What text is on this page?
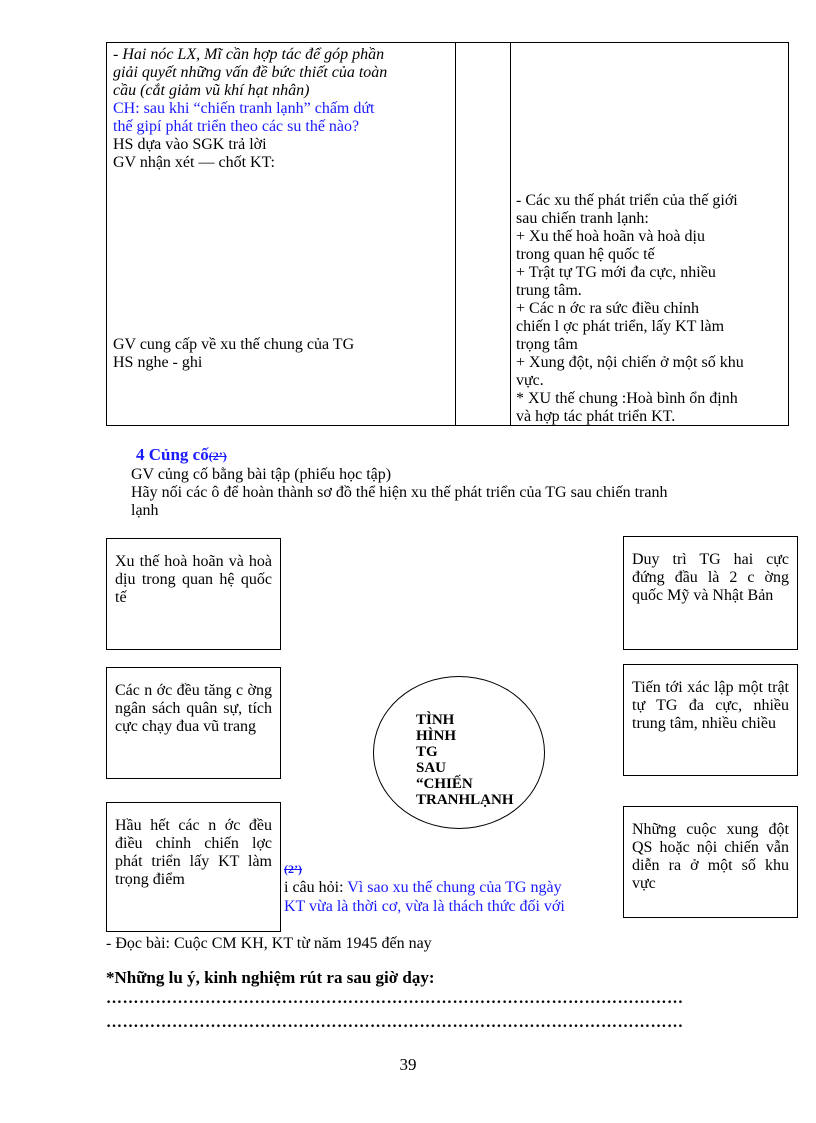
- Hai nóc LX, Mĩ cần hợp tác để góp phần

giải quyết những vấn đề bức thiết của toàn

cầu (cắt giảm vũ khí hạt nhân)

CH: sau khi “chiến tranh lạnh” chấm dứt

thế gipí phát triển theo các su thế nào?

HS dựa vào SGK trả lời

GV nhận xét — chốt KT:

GV cung cấp về xu thế chung của TG

HS nghe - ghi

- Các xu thế phát triển của thế giới

sau chiến tranh lạnh:

+ Xu thế hoà hoãn và hoà dịu

trong quan hệ quốc tế

+ Trật tự TG mới đa cực, nhiều

trung tâm.

+ Các n ớc ra sức điều chỉnh

chiến l ợc phát triển, lấy KT làm

trọng tâm

+ Xung đột, nội chiến ở một số khu

vực.

* XU thế chung :Hoà bình ổn định

và hợp tác phát triển KT.

4 Củng cố(2’)

GV củng cố bằng bài tập (phiếu học tập)

Hãy nối các ô để hoàn thành sơ đồ thể hiện xu thế phát triển của TG sau chiến tranh

lạnh

Xu thế hoà hoãn và hoà dịu trong quan hệ quốc tế
Các n ớc đều tăng c ờng ngân sách quân sự, tích cực chạy đua vũ trang
Duy trì TG hai cực đứng đầu là 2 c ờng quốc Mỹ và Nhật Bản
Tiến tới xác lập một trật tự TG đa cực, nhiều trung tâm, nhiều chiều
Những cuộc xung đột QS hoặc nội chiến vẫn diễn ra ở một số khu vực
TÌNH
HÌNH
TG
SAU
“CHIẾN
TRANHLẠNH
(2’)
i câu hỏi: Vì sao xu thế chung của TG ngày
KT vừa là thời cơ, vừa là thách thức đối với
Hầu hết các n ớc đều điều chỉnh chiến lợc phát triển lấy KT làm trọng điểm
- Đọc bài: Cuộc CM KH, KT từ năm 1945 đến nay
*Những lu ý, kinh nghiệm rút ra sau giờ dạy:
……………………………………………………………………………………………
……………………………………………………………………………………………
39
